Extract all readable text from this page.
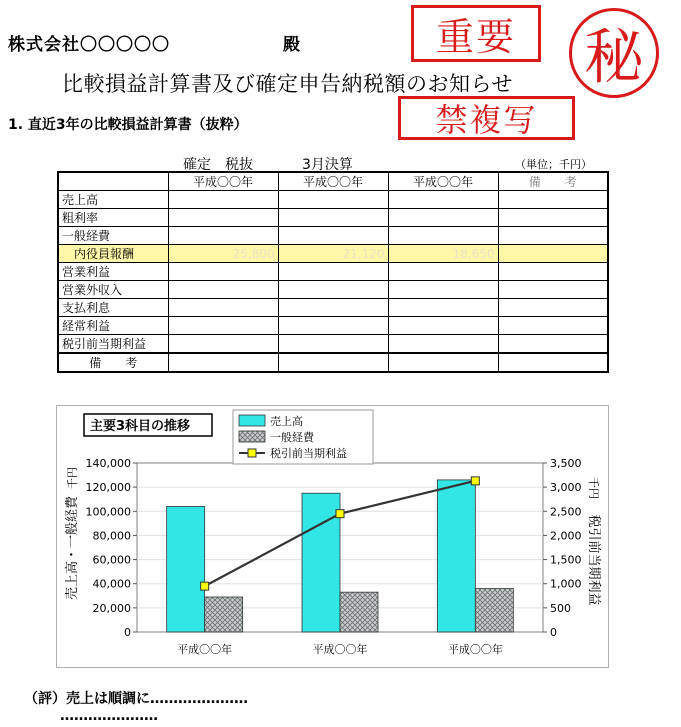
株式会社〇〇〇〇〇	殿	重要	秘
禁複写
比較損益計算書及び確定申告納税額のお知らせ
1. 直近3年の比較損益計算書（抜粋）
確定　税抜	3月決算	（単位；千円）
	平成〇〇年	平成〇〇年	平成〇〇年	備　　考
売上高				
粗利率				
一般経費				
　内役員報酬	25,800	21,120	18,650	
営業利益				
営業外収入				
支払利息				
経常利益				
税引前当期利益				
備　　考				
0	0
20,000	500
40,000	1,000
60,000	1,500
80,000	2,000
100,000	2,500
120,000	3,000
140,000	3,500
平成〇〇年	平成〇〇年	平成〇〇年
主要3科目の推移	売上高
一般経費
税引前当期利益
売上高・一般経費
千円
税引前当期利益
千円
（評）売上は順調に…………………
…………………
